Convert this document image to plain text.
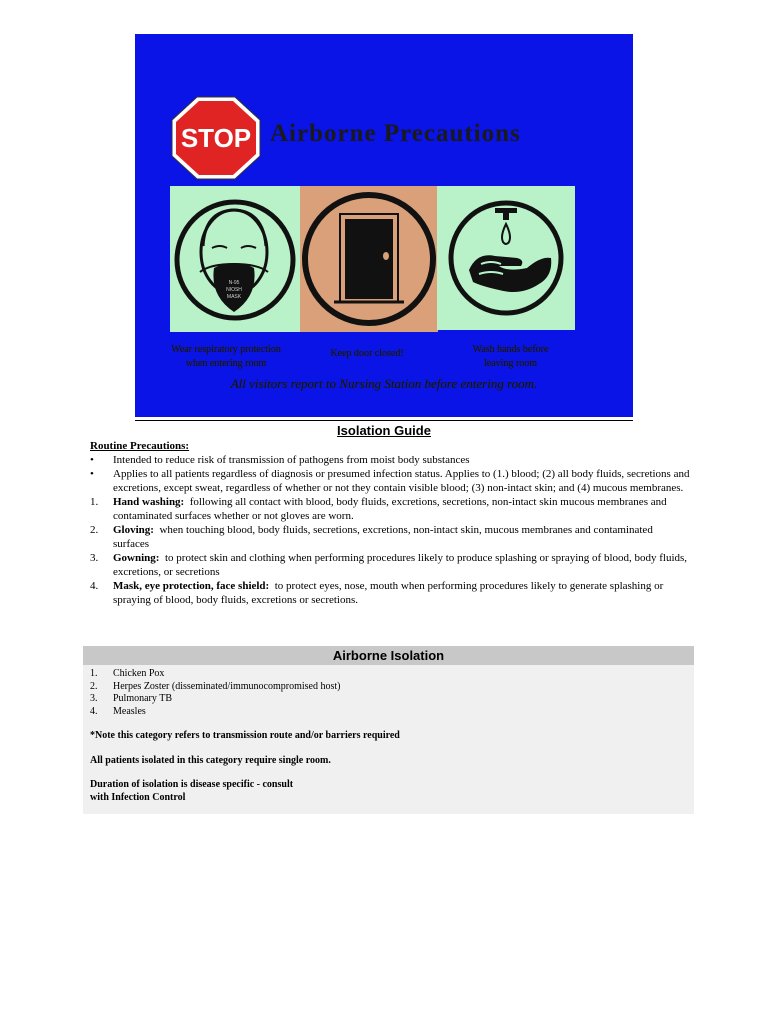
STOP Airborne Precautions
N-95
NIOSH
MASK
Wear respiratory protection when entering room
Keep door closed!	Wash hands before leaving room
All visitors report to Nursing Station before entering room.
Isolation Guide
Routine Precautions:
• Intended to reduce risk of transmission of pathogens from moist body substances
• Applies to all patients regardless of diagnosis or presumed infection status. Applies to (1.) blood; (2) all body fluids, secretions and excretions, except sweat, regardless of whether or not they contain visible blood; (3) non-intact skin; and (4) mucous membranes.
1. Hand washing: following all contact with blood, body fluids, excretions, secretions, non-intact skin mucous membranes and contaminated surfaces whether or not gloves are worn.
2. Gloving: when touching blood, body fluids, secretions, excretions, non-intact skin, mucous membranes and contaminated surfaces
3. Gowning: to protect skin and clothing when performing procedures likely to produce splashing or spraying of blood, body fluids, excretions, or secretions
4. Mask, eye protection, face shield: to protect eyes, nose, mouth when performing procedures likely to generate splashing or spraying of blood, body fluids, excretions or secretions.
Airborne Isolation
1. Chicken Pox
2. Herpes Zoster (disseminated/immunocompromised host)
3. Pulmonary TB
4. Measles
*Note this category refers to transmission route and/or barriers required
All patients isolated in this category require single room.
Duration of isolation is disease specific - consult
with Infection Control
